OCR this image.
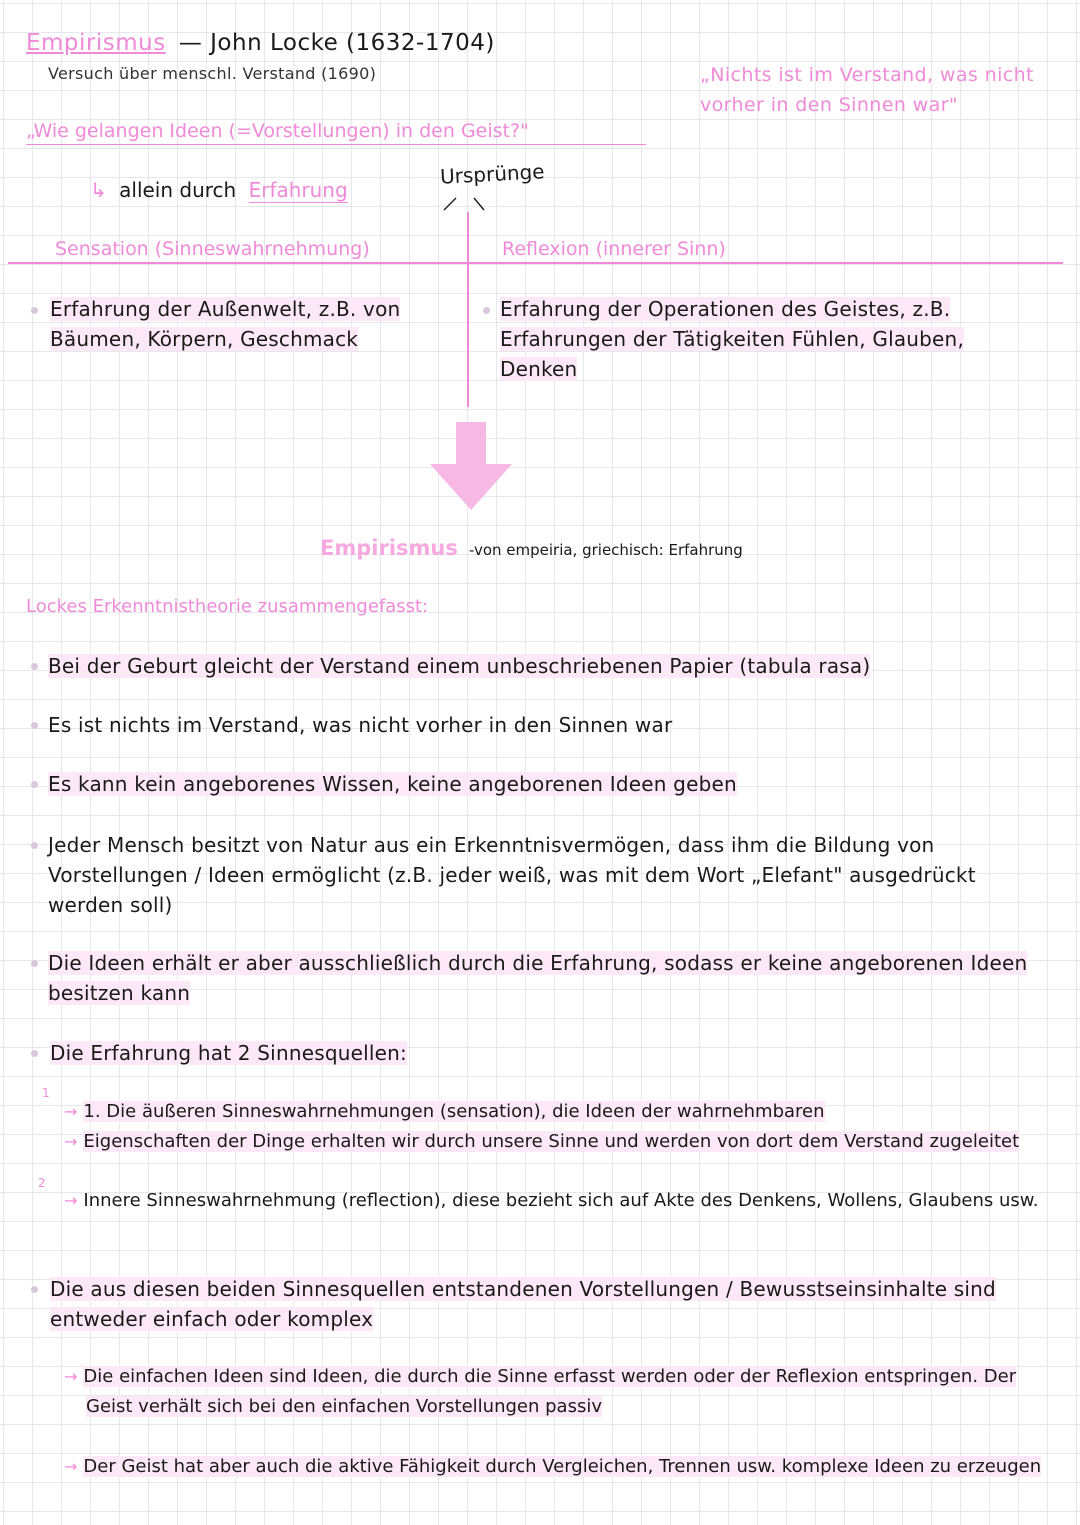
Empirismus — John Locke (1632-1704)
Versuch über menschl. Verstand (1690)	„Nichts ist im Verstand, was nicht vorher in den Sinnen war"
„Wie gelangen Ideen (=Vorstellungen) in den Geist?"
↳ allein durch Erfahrung
Ursprünge
Sensation (Sinneswahrnehmung)	Reflexion (innerer Sinn)
Erfahrung der Außenwelt, z.B. von Bäumen, Körpern, Geschmack
Erfahrung der Operationen des Geistes, z.B. Erfahrungen der Tätigkeiten Fühlen, Glauben, Denken
Empirismus -von empeiria, griechisch: Erfahrung
Lockes Erkenntnistheorie zusammengefasst:
Bei der Geburt gleicht der Verstand einem unbeschriebenen Papier (tabula rasa)
Es ist nichts im Verstand, was nicht vorher in den Sinnen war
Es kann kein angeborenes Wissen, keine angeborenen Ideen geben
Jeder Mensch besitzt von Natur aus ein Erkenntnisvermögen, dass ihm die Bildung von Vorstellungen / Ideen ermöglicht (z.B. jeder weiß, was mit dem Wort „Elefant" ausgedrückt werden soll)
Die Ideen erhält er aber ausschließlich durch die Erfahrung, sodass er keine angeborenen Ideen besitzen kann
Die Erfahrung hat 2 Sinnesquellen:
1
2
→ 1. Die äußeren Sinneswahrnehmungen (sensation), die Ideen der wahrnehmbaren
→ Eigenschaften der Dinge erhalten wir durch unsere Sinne und werden von dort dem Verstand zugeleitet
→ Innere Sinneswahrnehmung (reflection), diese bezieht sich auf Akte des Denkens, Wollens, Glaubens usw.
Die aus diesen beiden Sinnesquellen entstandenen Vorstellungen / Bewusstseinsinhalte sind entweder einfach oder komplex
→ Die einfachen Ideen sind Ideen, die durch die Sinne erfasst werden oder der Reflexion entspringen. Der Geist verhält sich bei den einfachen Vorstellungen passiv
→ Der Geist hat aber auch die aktive Fähigkeit durch Vergleichen, Trennen usw. komplexe Ideen zu erzeugen
